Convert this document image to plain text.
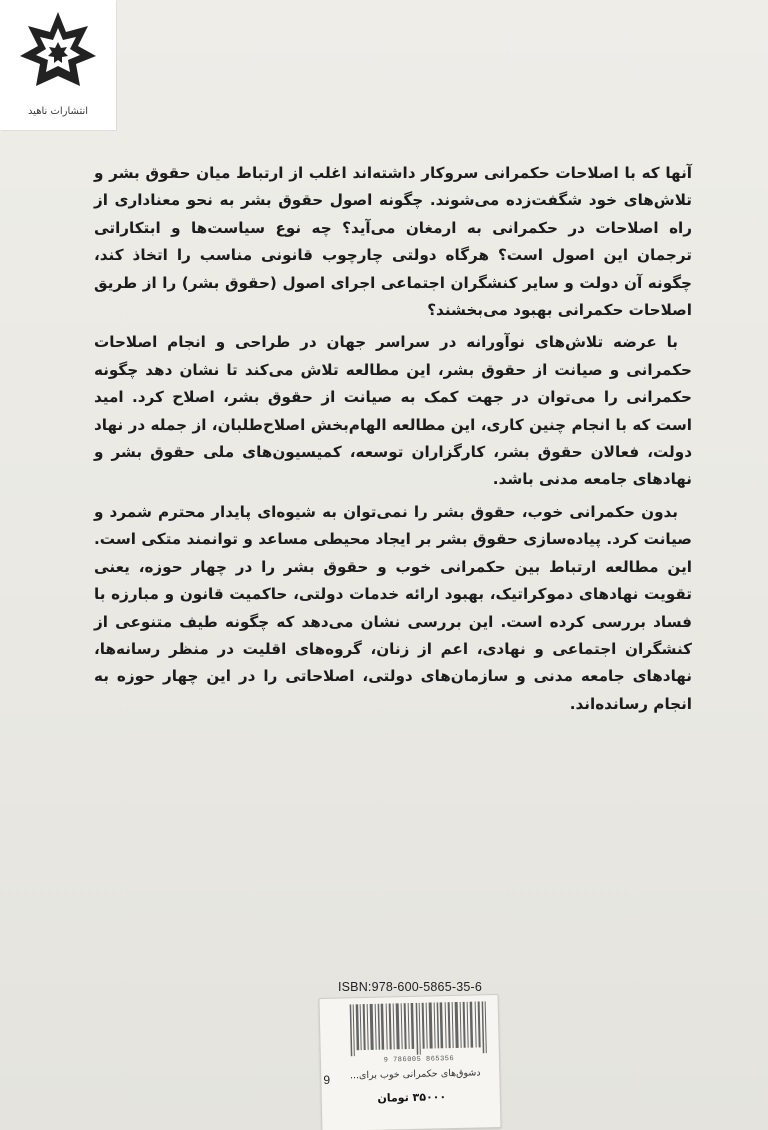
انتشارات ناهید

آنها که با اصلاحات حکمرانی سروکار داشته‌اند اغلب از ارتباط میان حقوق بشر و تلاش‌های خود شگفت‌زده می‌شوند. چگونه اصول حقوق بشر به نحو معناداری از راه اصلاحات در حکمرانی به ارمغان می‌آید؟ چه نوع سیاست‌ها و ابتکاراتی ترجمان این اصول است؟ هرگاه دولتی چارچوب قانونی مناسب را اتخاذ کند، چگونه آن دولت و سایر کنشگران اجتماعی اجرای اصول (حقوق بشر) را از طریق اصلاحات حکمرانی بهبود می‌بخشند؟

با عرضه تلاش‌های نوآورانه در سراسر جهان در طراحی و انجام اصلاحات حکمرانی و صیانت از حقوق بشر، این مطالعه تلاش می‌کند تا نشان دهد چگونه حکمرانی را می‌توان در جهت کمک به صیانت از حقوق بشر، اصلاح کرد. امید است که با انجام چنین کاری، این مطالعه الهام‌بخش اصلاح‌طلبان، از جمله در نهاد دولت، فعالان حقوق بشر، کارگزاران توسعه، کمیسیون‌های ملی حقوق بشر و نهادهای جامعه مدنی باشد.

بدون حکمرانی خوب، حقوق بشر را نمی‌توان به شیوه‌ای پایدار محترم شمرد و صیانت کرد. پیاده‌سازی حقوق بشر بر ایجاد محیطی مساعد و توانمند متکی است. این مطالعه ارتباط بین حکمرانی خوب و حقوق بشر را در چهار حوزه، یعنی تقویت نهادهای دموکراتیک، بهبود ارائه خدمات دولتی، حاکمیت قانون و مبارزه با فساد بررسی کرده است. این بررسی نشان می‌دهد که چگونه طیف متنوعی از کنشگران اجتماعی و نهادی، اعم از زنان، گروه‌های اقلیت در منظر رسانه‌ها، نهادهای جامعه مدنی و سازمان‌های دولتی، اصلاحاتی را در این چهار حوزه به انجام رسانده‌اند.

ISBN:978-600-5865-35-6
9 786005 865356
9	دشوق‌های حکمرانی خوب برای...
۳۵۰۰۰ تومان
